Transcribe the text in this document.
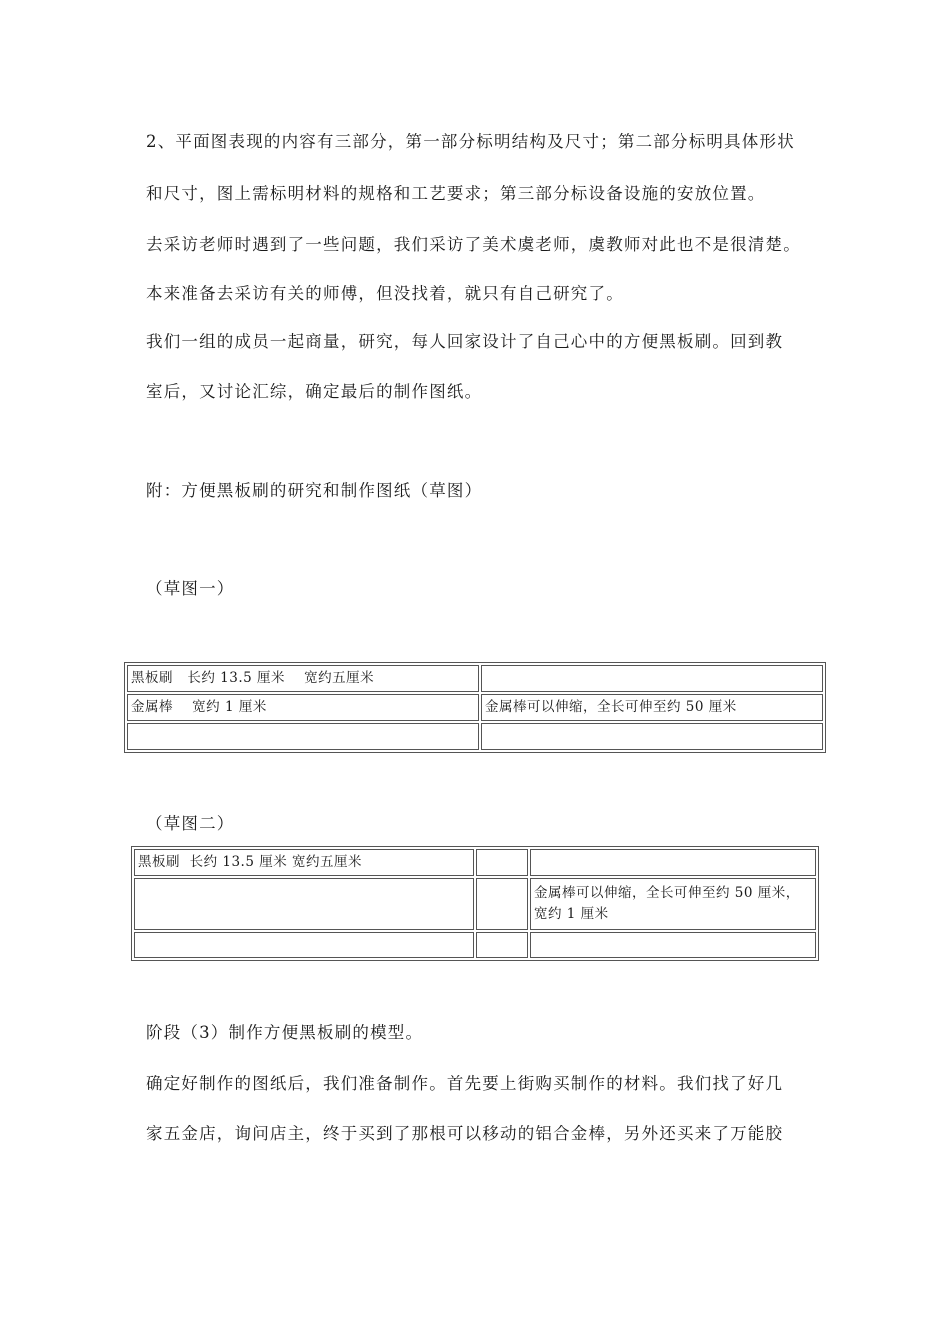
2、平面图表现的内容有三部分，第一部分标明结构及尺寸；第二部分标明具体形状

和尺寸，图上需标明材料的规格和工艺要求；第三部分标设备设施的安放位置。

去采访老师时遇到了一些问题，我们采访了美术虞老师，虞教师对此也不是很清楚。

本来准备去采访有关的师傅，但没找着，就只有自己研究了。

我们一组的成员一起商量，研究，每人回家设计了自己心中的方便黑板刷。回到教

室后，又讨论汇综，确定最后的制作图纸。

附：方便黑板刷的研究和制作图纸（草图）

（草图一）

黑板刷   长约 13.5 厘米    宽约五厘米	
金属棒    宽约 1 厘米	金属棒可以伸缩，全长可伸至约 50 厘米

（草图二）

黑板刷  长约 13.5 厘米 宽约五厘米		
		金属棒可以伸缩，全长可伸至约 50 厘米，宽约 1 厘米

阶段（3）制作方便黑板刷的模型。

确定好制作的图纸后，我们准备制作。首先要上街购买制作的材料。我们找了好几

家五金店，询问店主，终于买到了那根可以移动的铝合金棒，另外还买来了万能胶
